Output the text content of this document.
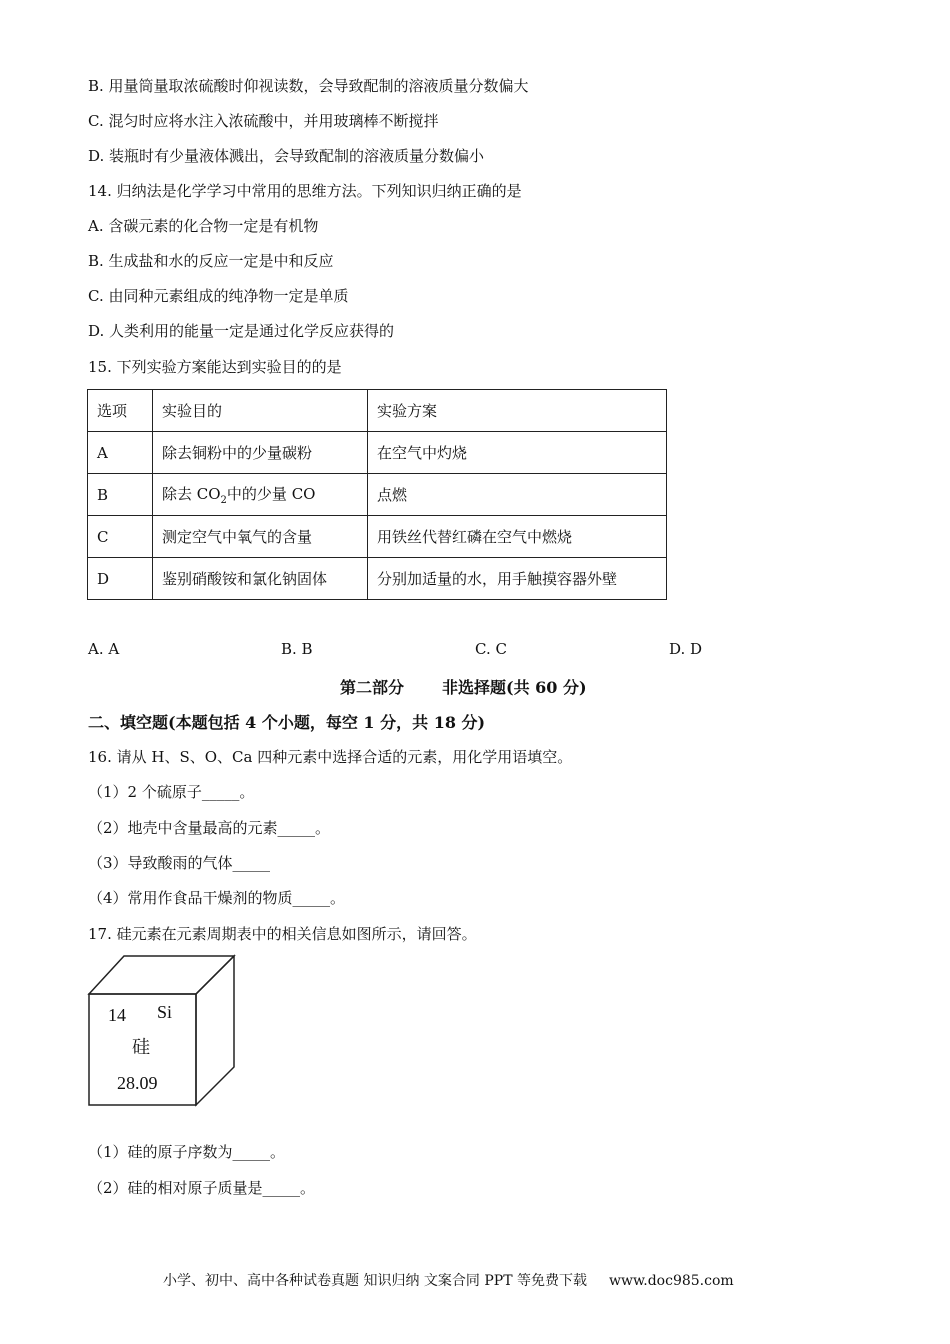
B. 用量筒量取浓硫酸时仰视读数，会导致配制的溶液质量分数偏大
C. 混匀时应将水注入浓硫酸中，并用玻璃棒不断搅拌
D. 装瓶时有少量液体溅出，会导致配制的溶液质量分数偏小
14. 归纳法是化学学习中常用的思维方法。下列知识归纳正确的是
A. 含碳元素的化合物一定是有机物
B. 生成盐和水的反应一定是中和反应
C. 由同种元素组成的纯净物一定是单质
D. 人类利用的能量一定是通过化学反应获得的
15. 下列实验方案能达到实验目的的是
选项	实验目的	实验方案
A	除去铜粉中的少量碳粉	在空气中灼烧
B	除去 $CO_2$中的少量 CO	点燃
C	测定空气中氧气的含量	用铁丝代替红磷在空气中燃烧
D	鉴别硝酸铵和氯化钠固体	分别加适量的水，用手触摸容器外壁
A. A	B. B	C. C	D. D
第二部分 非选择题(共 60 分)
二、填空题(本题包括 4 个小题，每空 1 分，共 18 分)
16. 请从 H、S、O、Ca 四种元素中选择合适的元素，用化学用语填空。
（1）2 个硫原子_____。
（2）地壳中含量最高的元素_____。
（3）导致酸雨的气体_____
（4）常用作食品干燥剂的物质_____。
17. 硅元素在元素周期表中的相关信息如图所示，请回答。
14 Si
硅
28.09
（1）硅的原子序数为_____。
（2）硅的相对原子质量是_____。
小学、初中、高中各种试卷真题 知识归纳 文案合同 PPT 等免费下载 www.doc985.com
